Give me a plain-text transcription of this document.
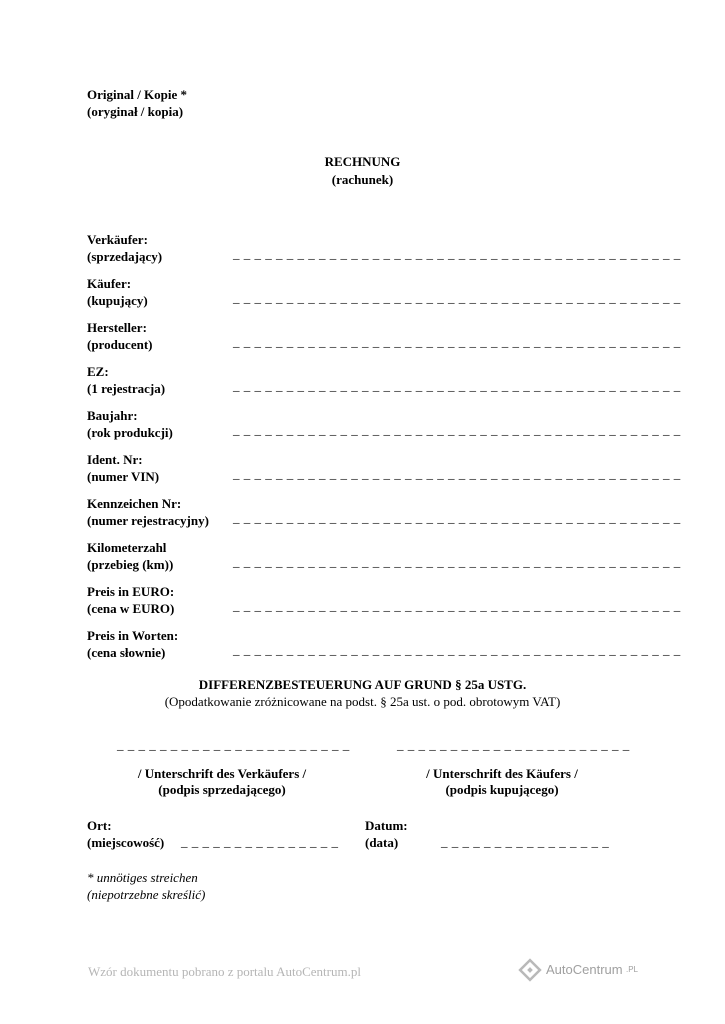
Original / Kopie *
(oryginał / kopia)
RECHNUNG
(rachunek)
Verkäufer:
(sprzedający)	_ _ _ _ _ _ _ _ _ _ _ _ _ _ _ _ _ _ _ _ _ _ _ _ _ _ _ _ _ _ _ _ _ _ _ _ _ _ _ _ _ _
Käufer:
(kupujący)	_ _ _ _ _ _ _ _ _ _ _ _ _ _ _ _ _ _ _ _ _ _ _ _ _ _ _ _ _ _ _ _ _ _ _ _ _ _ _ _ _ _
Hersteller:
(producent)	_ _ _ _ _ _ _ _ _ _ _ _ _ _ _ _ _ _ _ _ _ _ _ _ _ _ _ _ _ _ _ _ _ _ _ _ _ _ _ _ _ _
EZ:
(1 rejestracja)	_ _ _ _ _ _ _ _ _ _ _ _ _ _ _ _ _ _ _ _ _ _ _ _ _ _ _ _ _ _ _ _ _ _ _ _ _ _ _ _ _ _
Baujahr:
(rok produkcji)	_ _ _ _ _ _ _ _ _ _ _ _ _ _ _ _ _ _ _ _ _ _ _ _ _ _ _ _ _ _ _ _ _ _ _ _ _ _ _ _ _ _
Ident. Nr:
(numer VIN)	_ _ _ _ _ _ _ _ _ _ _ _ _ _ _ _ _ _ _ _ _ _ _ _ _ _ _ _ _ _ _ _ _ _ _ _ _ _ _ _ _ _
Kennzeichen Nr:
(numer rejestracyjny) _ _ _ _ _ _ _ _ _ _ _ _ _ _ _ _ _ _ _ _ _ _ _ _ _ _ _ _ _ _ _ _ _ _ _ _ _ _ _ _ _ _
Kilometerzahl
(przebieg (km))	_ _ _ _ _ _ _ _ _ _ _ _ _ _ _ _ _ _ _ _ _ _ _ _ _ _ _ _ _ _ _ _ _ _ _ _ _ _ _ _ _ _
Preis in EURO:
(cena w EURO)	_ _ _ _ _ _ _ _ _ _ _ _ _ _ _ _ _ _ _ _ _ _ _ _ _ _ _ _ _ _ _ _ _ _ _ _ _ _ _ _ _ _
Preis in Worten:
(cena słownie)	_ _ _ _ _ _ _ _ _ _ _ _ _ _ _ _ _ _ _ _ _ _ _ _ _ _ _ _ _ _ _ _ _ _ _ _ _ _ _ _ _ _
DIFFERENZBESTEUERUNG AUF GRUND § 25a USTG.
(Opodatkowanie zróżnicowane na podst. § 25a ust. o pod. obrotowym VAT)
_ _ _ _ _ _ _ _ _ _ _ _ _ _ _ _ _ _ _ _ _ _	_ _ _ _ _ _ _ _ _ _ _ _ _ _ _ _ _ _ _ _ _ _
/ Unterschrift des Verkäufers /
(podpis sprzedającego)
/ Unterschrift des Käufers /
(podpis kupującego)
Ort:
(miejscowość) _ _ _ _ _ _ _ _ _ _ _ _ _ _ _
Datum:
(data)	_ _ _ _ _ _ _ _ _ _ _ _ _ _ _ _
* unnötiges streichen
(niepotrzebne skreślić)
Wzór dokumentu pobrano z portalu AutoCentrum.pl	AutoCentrum .PL
